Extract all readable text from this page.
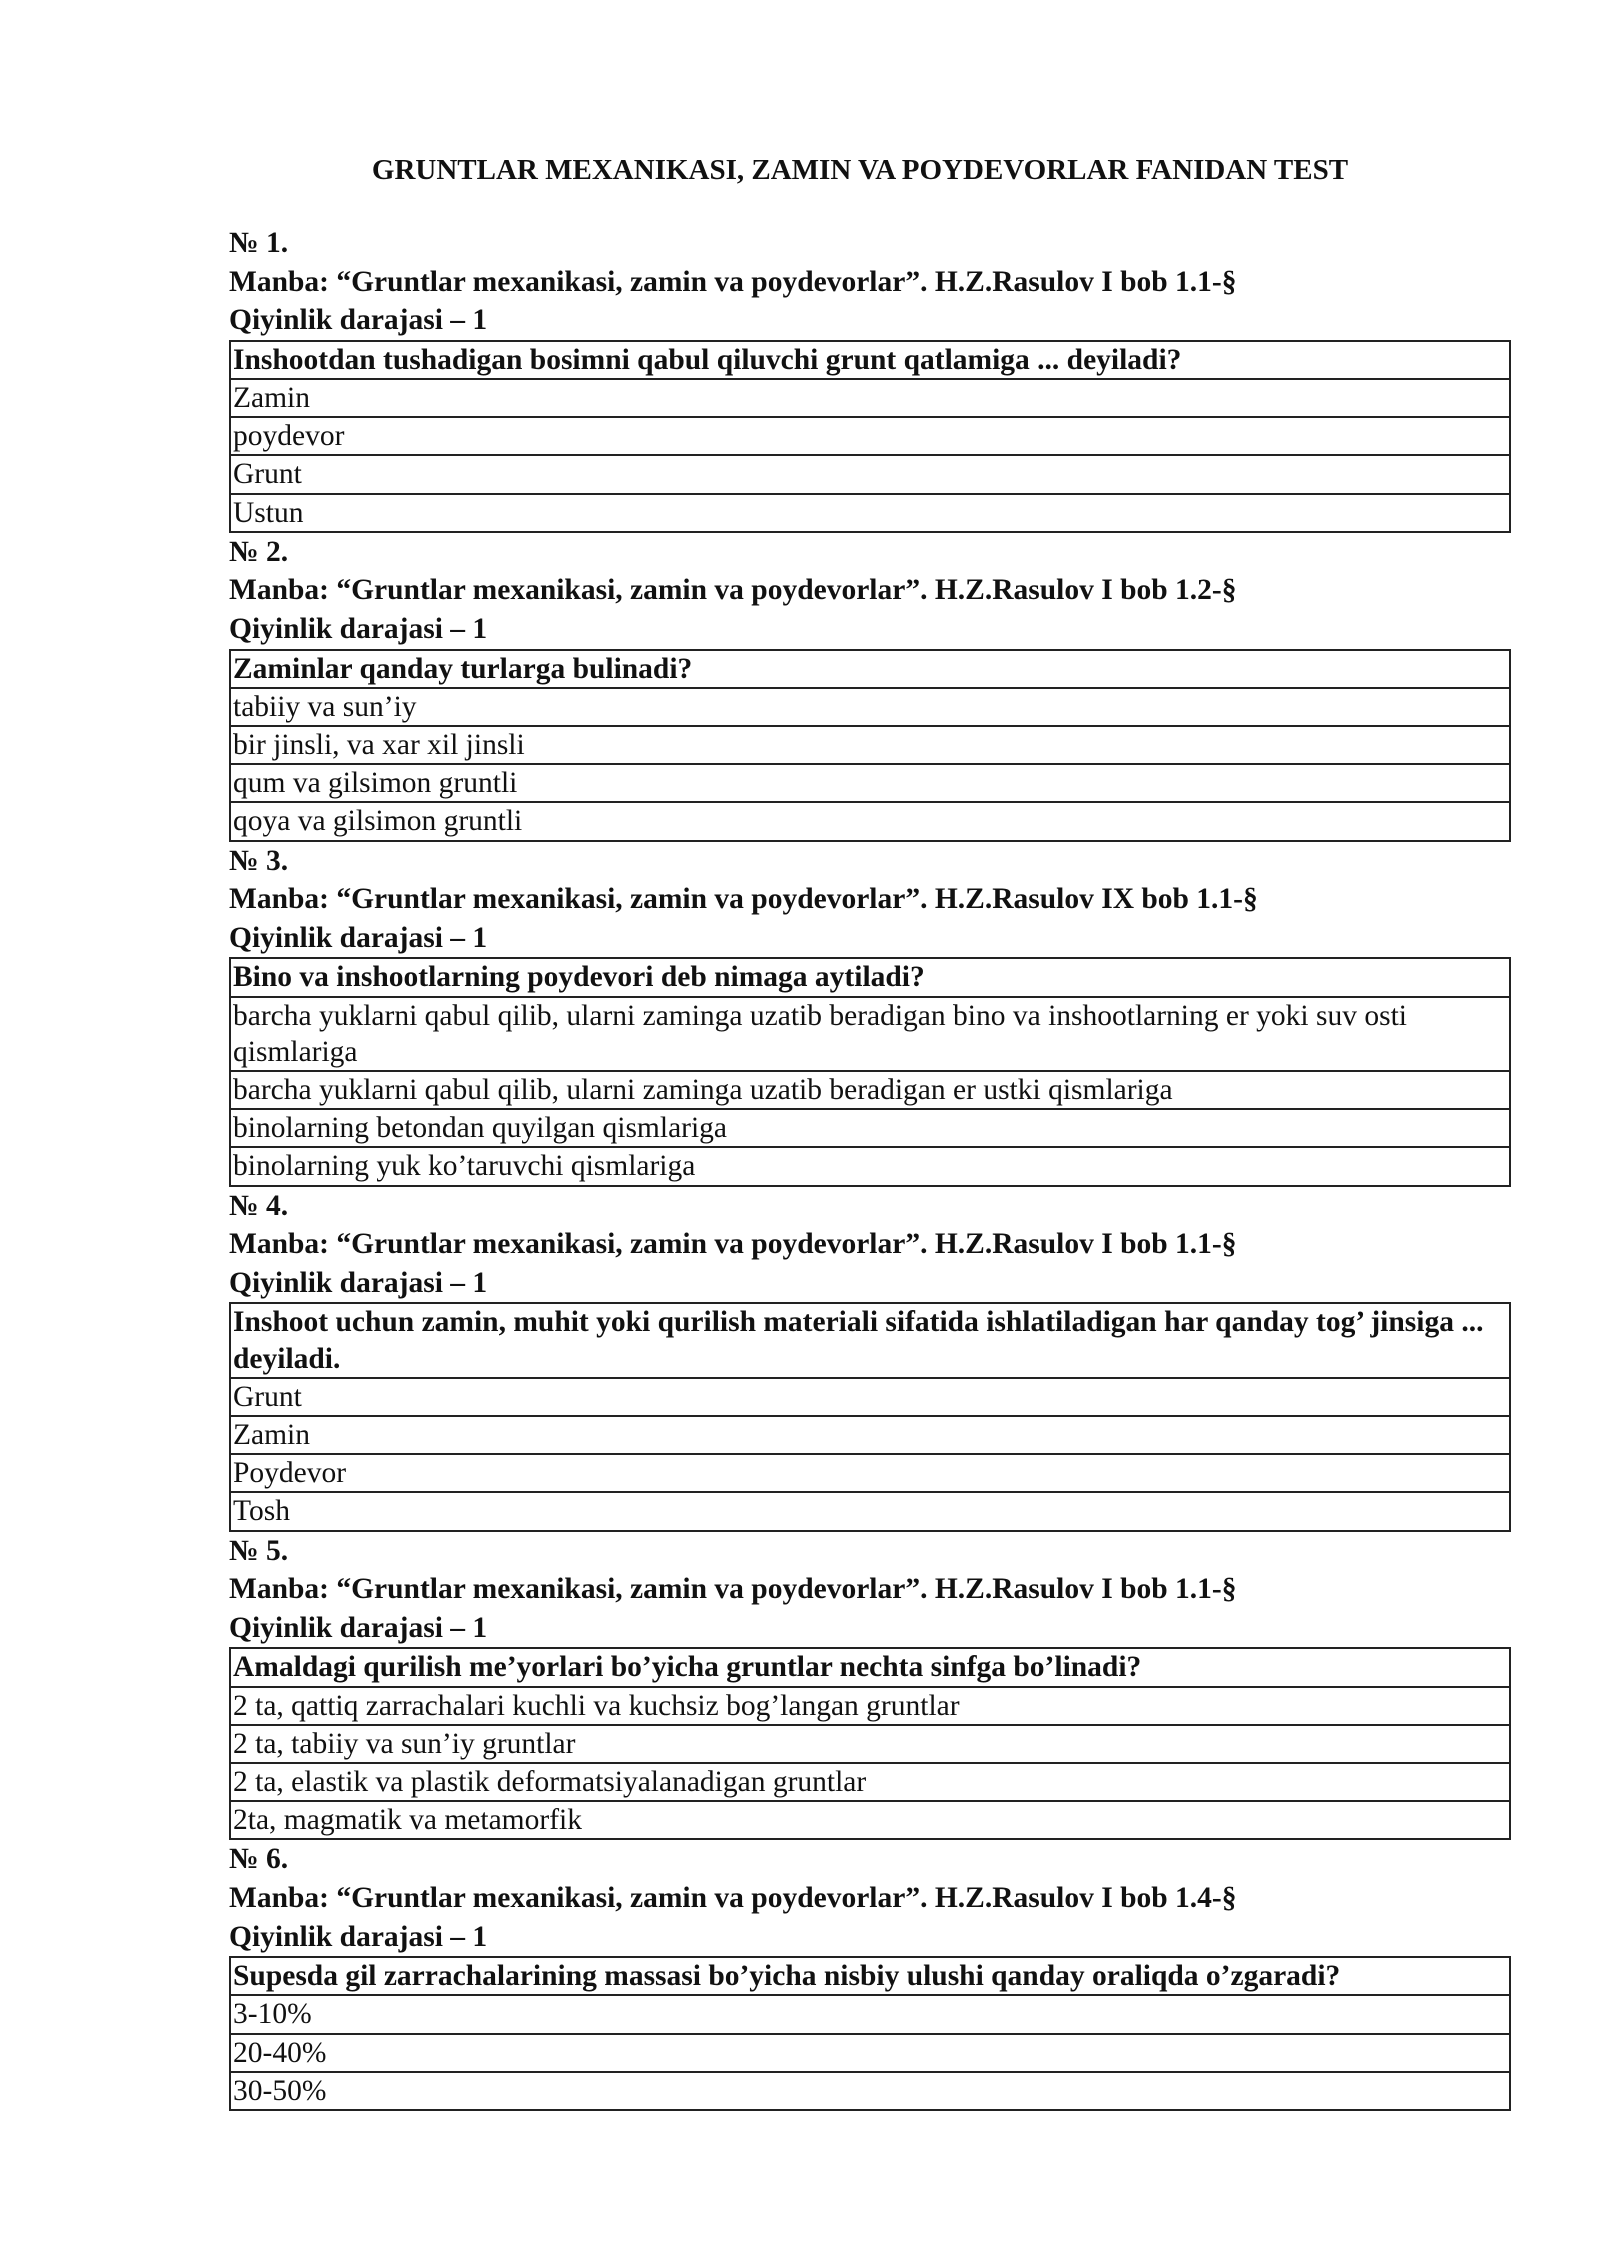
GRUNTLAR MEXANIKASI, ZAMIN VA POYDEVORLAR FANIDAN TEST
№ 1.
Manba: “Gruntlar mexanikasi, zamin va poydevorlar”. H.Z.Rasulov I bob 1.1-§
Qiyinlik darajasi – 1
Inshootdan tushadigan bosimni qabul qiluvchi grunt qatlamiga ... deyiladi?
Zamin
poydevor
Grunt
Ustun
№ 2.
Manba: “Gruntlar mexanikasi, zamin va poydevorlar”. H.Z.Rasulov I bob 1.2-§
Qiyinlik darajasi – 1
Zaminlar qanday turlarga bulinadi?
tabiiy va sun’iy
bir jinsli, va xar xil jinsli
qum va gilsimon gruntli
qoya va gilsimon gruntli
№ 3.
Manba: “Gruntlar mexanikasi, zamin va poydevorlar”. H.Z.Rasulov IX bob 1.1-§
Qiyinlik darajasi – 1
Bino va inshootlarning poydevori deb nimaga aytiladi?
barcha yuklarni qabul qilib, ularni zaminga uzatib beradigan bino va inshootlarning er yoki suv osti qismlariga
barcha yuklarni qabul qilib, ularni zaminga uzatib beradigan er ustki qismlariga
binolarning betondan quyilgan qismlariga
binolarning yuk ko’taruvchi qismlariga
№ 4.
Manba: “Gruntlar mexanikasi, zamin va poydevorlar”. H.Z.Rasulov I bob 1.1-§
Qiyinlik darajasi – 1
Inshoot uchun zamin, muhit yoki qurilish materiali sifatida ishlatiladigan har qanday tog’ jinsiga ... deyiladi.
Grunt
Zamin
Poydevor
Tosh
№ 5.
Manba: “Gruntlar mexanikasi, zamin va poydevorlar”. H.Z.Rasulov I bob 1.1-§
Qiyinlik darajasi – 1
Amaldagi qurilish me’yorlari bo’yicha gruntlar nechta sinfga bo’linadi?
2 ta, qattiq zarrachalari kuchli va kuchsiz bog’langan gruntlar
2 ta, tabiiy va sun’iy gruntlar
2 ta, elastik va plastik deformatsiyalanadigan gruntlar
2ta, magmatik va metamorfik
№ 6.
Manba: “Gruntlar mexanikasi, zamin va poydevorlar”. H.Z.Rasulov I bob 1.4-§
Qiyinlik darajasi – 1
Supesda gil zarrachalarining massasi bo’yicha nisbiy ulushi qanday oraliqda o’zgaradi?
3-10%
20-40%
30-50%
